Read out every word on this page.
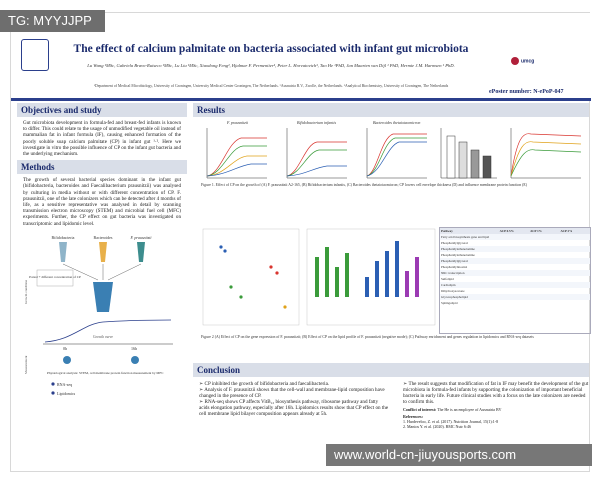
TG: MYYJJPP
The effect of calcium palmitate on bacteria associated with infant gut microbiota
Lu Wang ¹MSc, Gabriela Bravo-Ruiseco ¹MSc, Lu Liu ¹MSc, Xiaodong Feng², Hjalmar F. Permentier³, Peter L. Horvatovich³, Tao He ¹PhD, Jan Maarten van Dijl ¹ PhD, Hermie J.M. Harmsen ¹ PhD.
¹Department of Medical Microbiology, University of Groningen, University Medical Center Groningen, The Netherlands. ²Ausnutria B.V., Zwolle, the Netherlands. ³Analytical Biochemistry, University of Groningen, The Netherlands
umcg
ePoster number: N-ePoP-047
Objectives and study
Gut microbiota development in formula-fed and breast-fed infants is known to differ. This could relate to the usage of unmodified vegetable oil instead of mammalian fat in infant formula (IF), causing enhanced formation of the poorly soluble soap calcium palmitate (CP) in infant gut ¹·². Here we investigate in vitro the possible influence of CP on the infant gut bacteria and the underlying mechanism.
Methods
The growth of several bacterial species dominant in the infant gut (bifidobacteria, bacteroides and Faecalibacterium prausnitzii) was analysed by culturing in media without or with different concentration of CP. F. prausnitzii, one of the late colonizers which can be detected after 4 months of life, as a sensitive representative was analysed in detail by scanning transmission electron microscopy (STEM) and microbial fuel cell (MFC) experiments. Further, the CP effect on gut bacteria was investigated on transcriptomic and lipidomic level.
Bifidobacteria	Bacteroides	F. prausnitzii
Potted + different concentration of CP
Growth condition
Measurement
0h	16h
Growth curve
Physiological analysis: STEM, cell membrane protein function measurement by MFC
RNA-seq
Lipidomics
Results
F. prausnitzii	Bifidobacterium infantis	Bacteroides thetaiotaomicron
Figure 1. Effect of CP on the growth of (A) F. prausnitzii A2-165, (B) Bifidobacterium infantis, (C) Bacteroides thetaiotaomicron; CP lowers cell envelope thickness (D) and influence membrane protein function (E)
Pathway	ΔCP 0.5%	ΔCP 1%	ΔCP 2%
Fatty acid biosynthesis gene and lipid
Phosphatidylglycerol
Phosphatidylethanolamine
Phosphatidylethanolamine
Phosphatidylglycerol
Phosphatidylinositol
NRC transcription
Sulfolipid
Cardiolipin
Dihydroxyacetone
Glycerophospholipid
Sphingolipid
Figure 2 (A) Effect of CP on the gene expression of F. prausnitzii; (B) Effect of CP on the lipid profile of F. prausnitzii (negative mode); (C) Pathway enrichment and genes regulation in lipidomics and RNA-seq datasets
Conclusion
➢ CP inhibited the growth of bifidobacteria and faecalibacteria.
➢ Analysis of F. prausnitzii shows that the cell-wall and membrane-lipid composition have changed in the presence of CP.
➢ RNA-seq shows CP affects VitB₁₂ biosynthesis pathway, ribosome pathway and fatty acids elongation pathway, especially after 16h. Lipidomics results show that CP effect on the cell membrane lipid bilayer composition appears already at 5h.
➢ The result suggests that modification of fat in IF may benefit the development of the gut microbiota in formula-fed infants by supporting the colonization of important beneficial bacteria in early life. Future clinical studies with a focus on the late colonizers are needed to confirm this.
Conflict of interest: The He is an employee of Ausnutria BV
References:
1. Hardeveloo, Z. et al. (2017). Nutrition Journal, 15(1):1-8
2. Manios Y. et al. (2020). BMC Nutr 6:46
www.world-cn-jiuyousports.com
